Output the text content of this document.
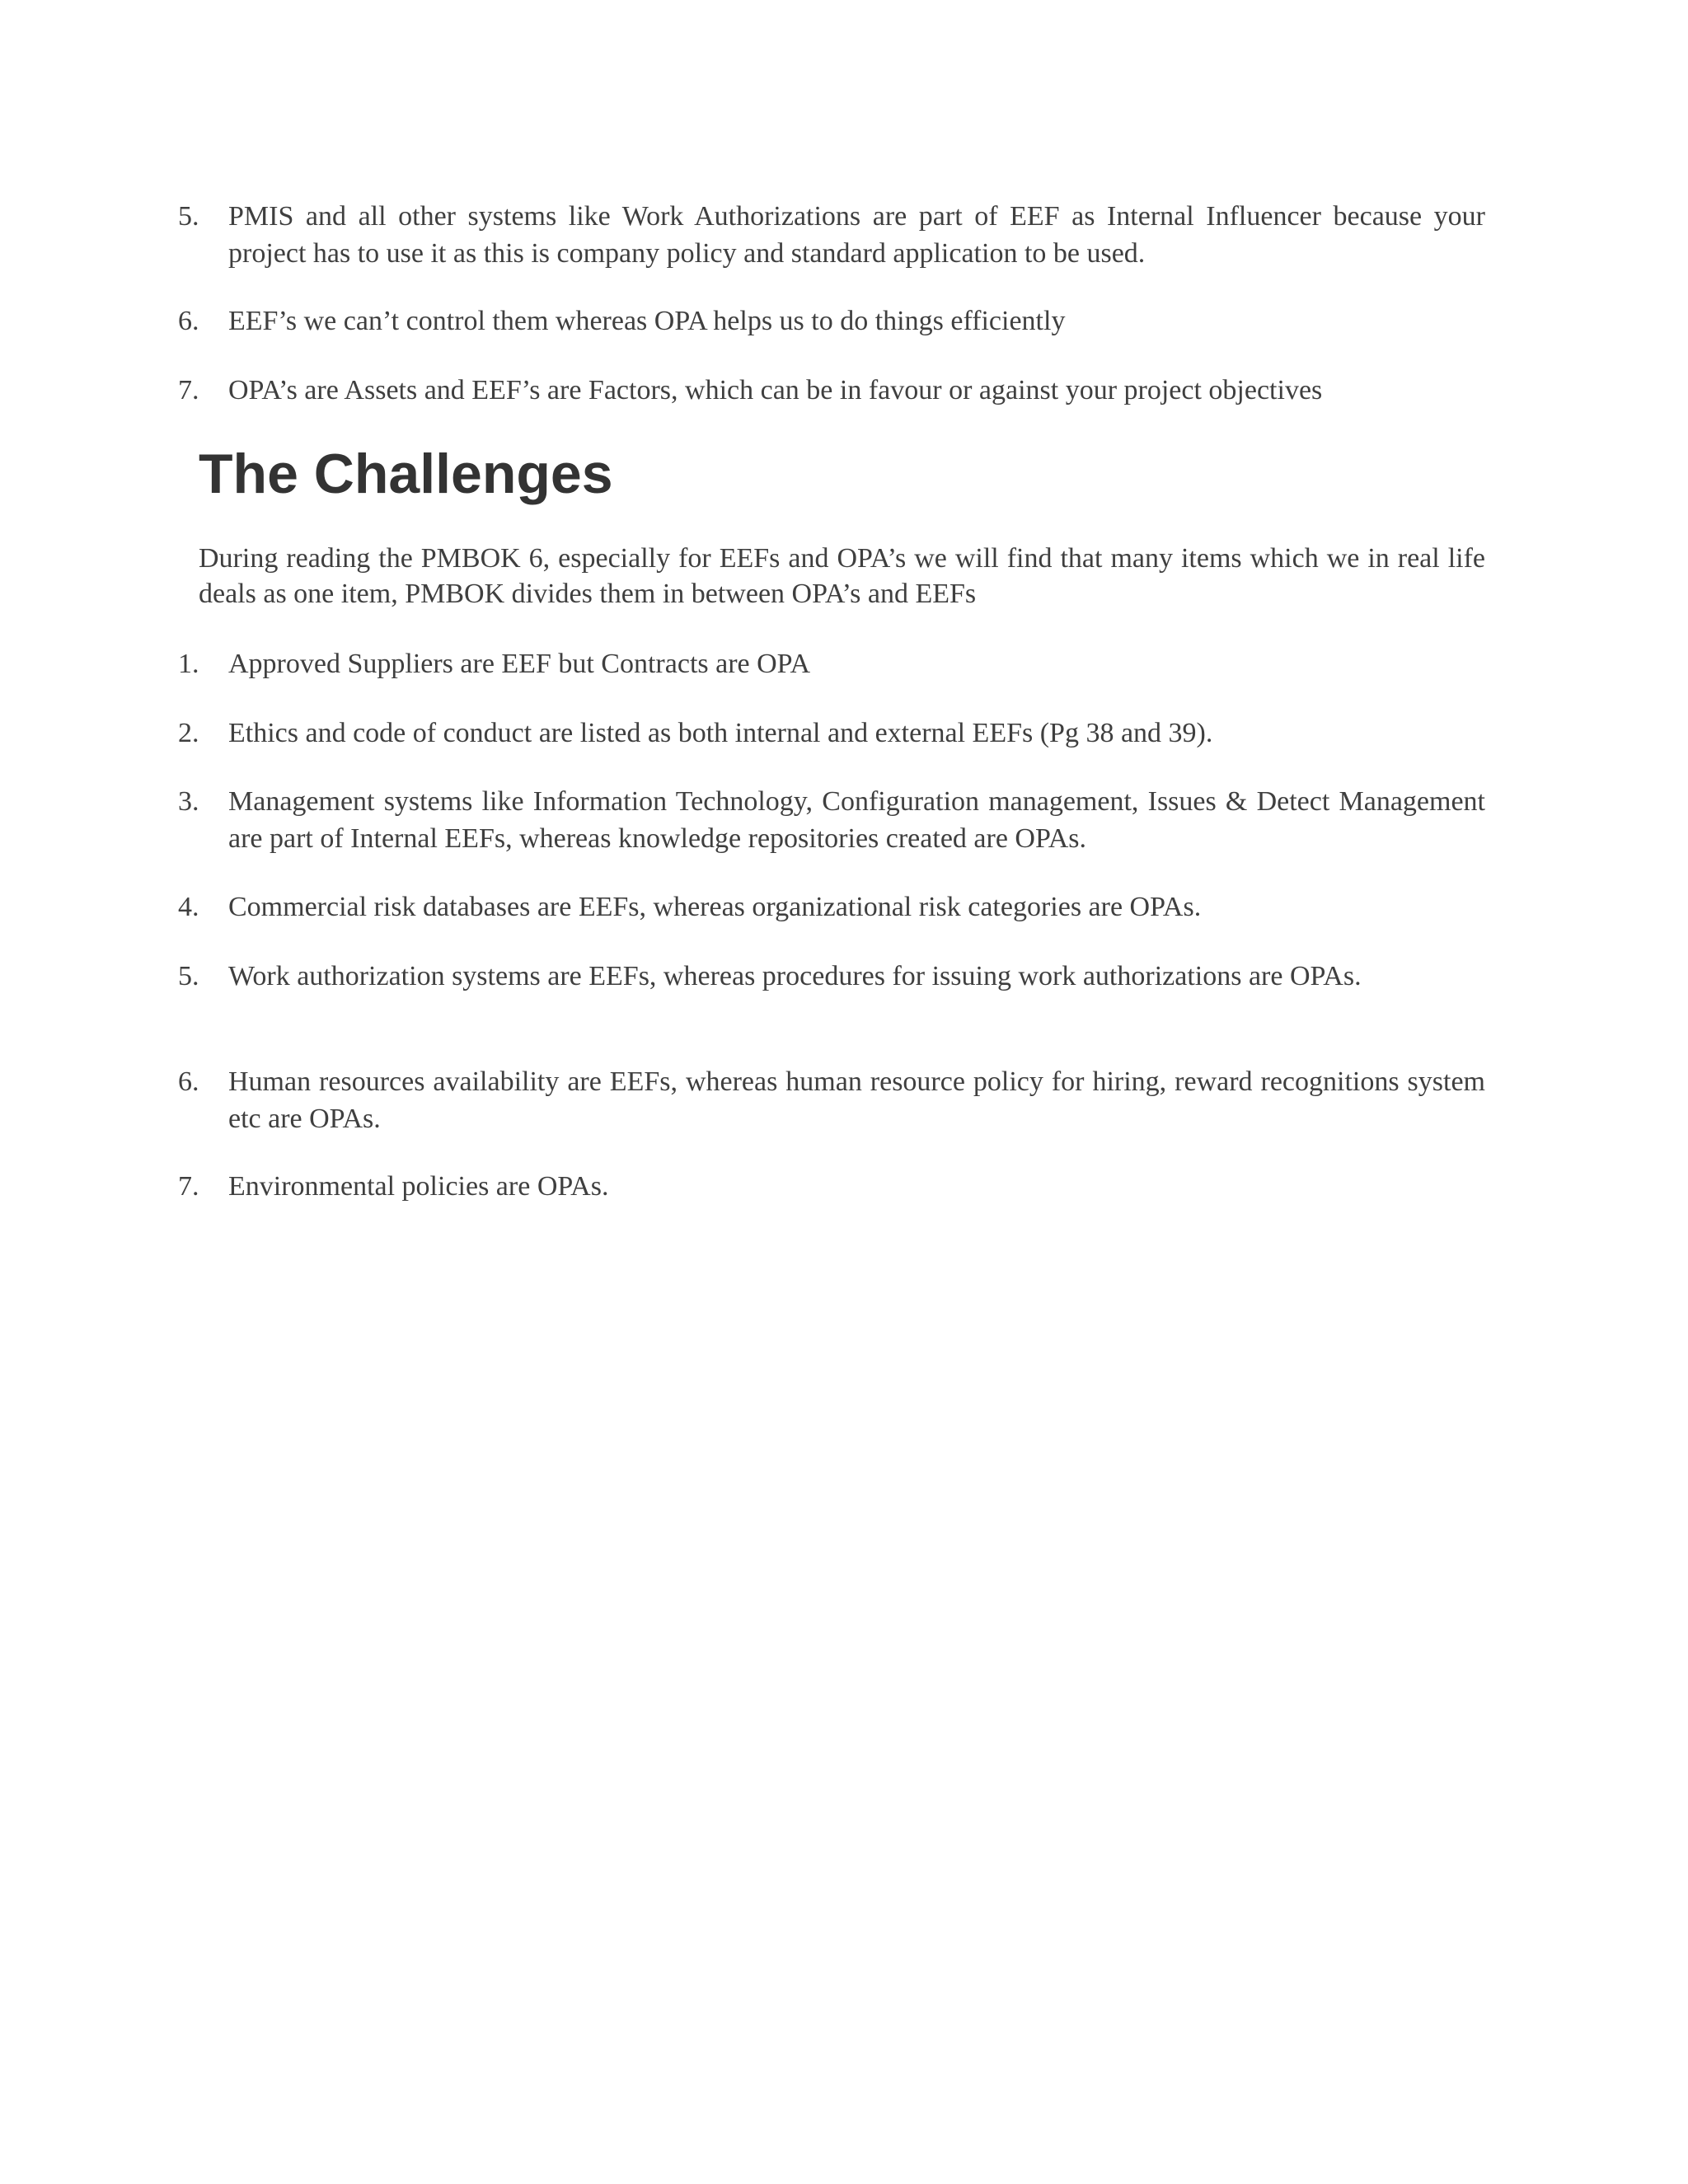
5.	PMIS and all other systems like Work Authorizations are part of EEF as Internal Influencer because your project has to use it as this is company policy and standard application to be used.
6.	EEF’s we can’t control them whereas OPA helps us to do things efficiently
7.	OPA’s are Assets and EEF’s are Factors, which can be in favour or against your project objectives
The Challenges

During reading the PMBOK 6, especially for EEFs and OPA’s we will find that many items which we in real life deals as one item, PMBOK divides them in between OPA’s and EEFs

1.	Approved Suppliers are EEF but Contracts are OPA
2.	Ethics and code of conduct are listed as both internal and external EEFs (Pg 38 and 39).
3.	Management systems like Information Technology, Configuration management, Issues & Detect Management are part of Internal EEFs, whereas knowledge repositories created are OPAs.
4.	Commercial risk databases are EEFs, whereas organizational risk categories are OPAs.
5.	Work authorization systems are EEFs, whereas procedures for issuing work authorizations are OPAs.
6.	Human resources availability are EEFs, whereas human resource policy for hiring, reward recognitions system etc are OPAs.
7.	Environmental policies are OPAs.
